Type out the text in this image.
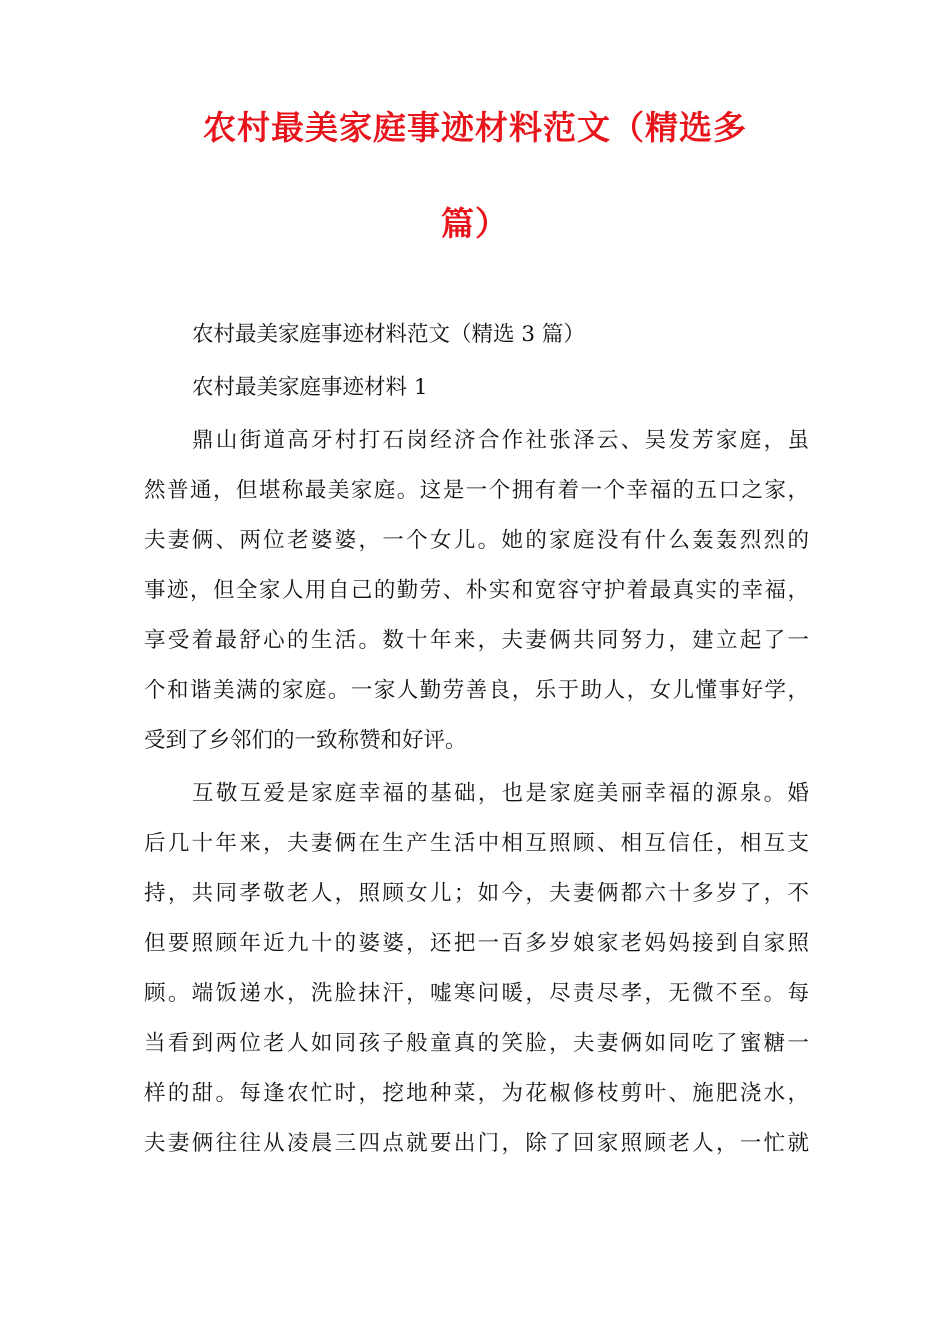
农村最美家庭事迹材料范文（精选多
篇）

农村最美家庭事迹材料范文（精选 3 篇）

农村最美家庭事迹材料 1

鼎山街道高牙村打石岗经济合作社张泽云、吴发芳家庭，虽

然普通，但堪称最美家庭。这是一个拥有着一个幸福的五口之家，

夫妻俩、两位老婆婆，一个女儿。她的家庭没有什么轰轰烈烈的

事迹，但全家人用自己的勤劳、朴实和宽容守护着最真实的幸福，

享受着最舒心的生活。数十年来，夫妻俩共同努力，建立起了一

个和谐美满的家庭。一家人勤劳善良，乐于助人，女儿懂事好学，

受到了乡邻们的一致称赞和好评。

互敬互爱是家庭幸福的基础，也是家庭美丽幸福的源泉。婚

后几十年来，夫妻俩在生产生活中相互照顾、相互信任，相互支

持，共同孝敬老人，照顾女儿；如今，夫妻俩都六十多岁了，不

但要照顾年近九十的婆婆，还把一百多岁娘家老妈妈接到自家照

顾。端饭递水，洗脸抹汗，嘘寒问暖，尽责尽孝，无微不至。每

当看到两位老人如同孩子般童真的笑脸，夫妻俩如同吃了蜜糖一

样的甜。每逢农忙时，挖地种菜，为花椒修枝剪叶、施肥浇水，

夫妻俩往往从凌晨三四点就要出门，除了回家照顾老人，一忙就
